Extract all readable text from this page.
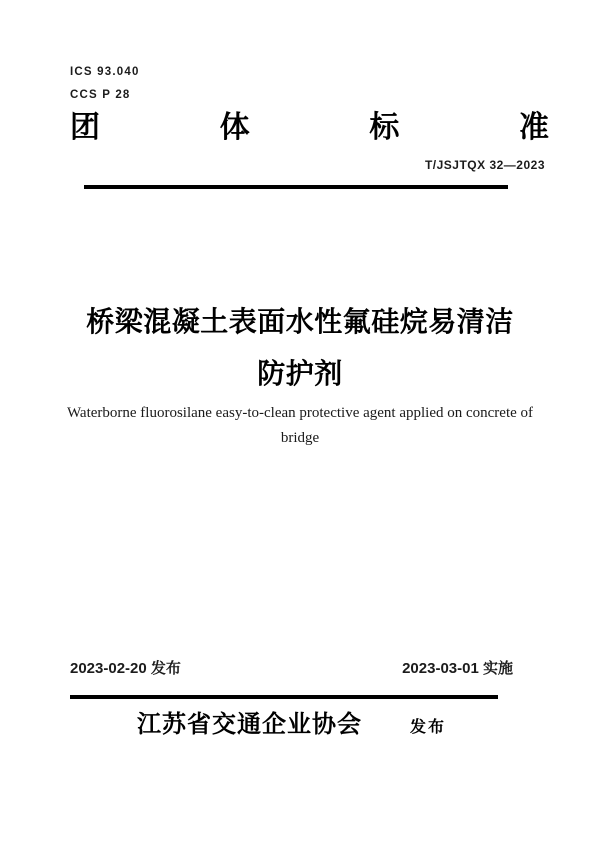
ICS 93.040
CCS P 28
团	体	标	准
T/JSJTQX 32—2023
桥梁混凝土表面水性氟硅烷易清洁
防护剂
Waterborne fluorosilane easy-to-clean protective agent applied on concrete of
bridge
2023-02-20 发布	2023-03-01 实施
江苏省交通企业协会	发布
